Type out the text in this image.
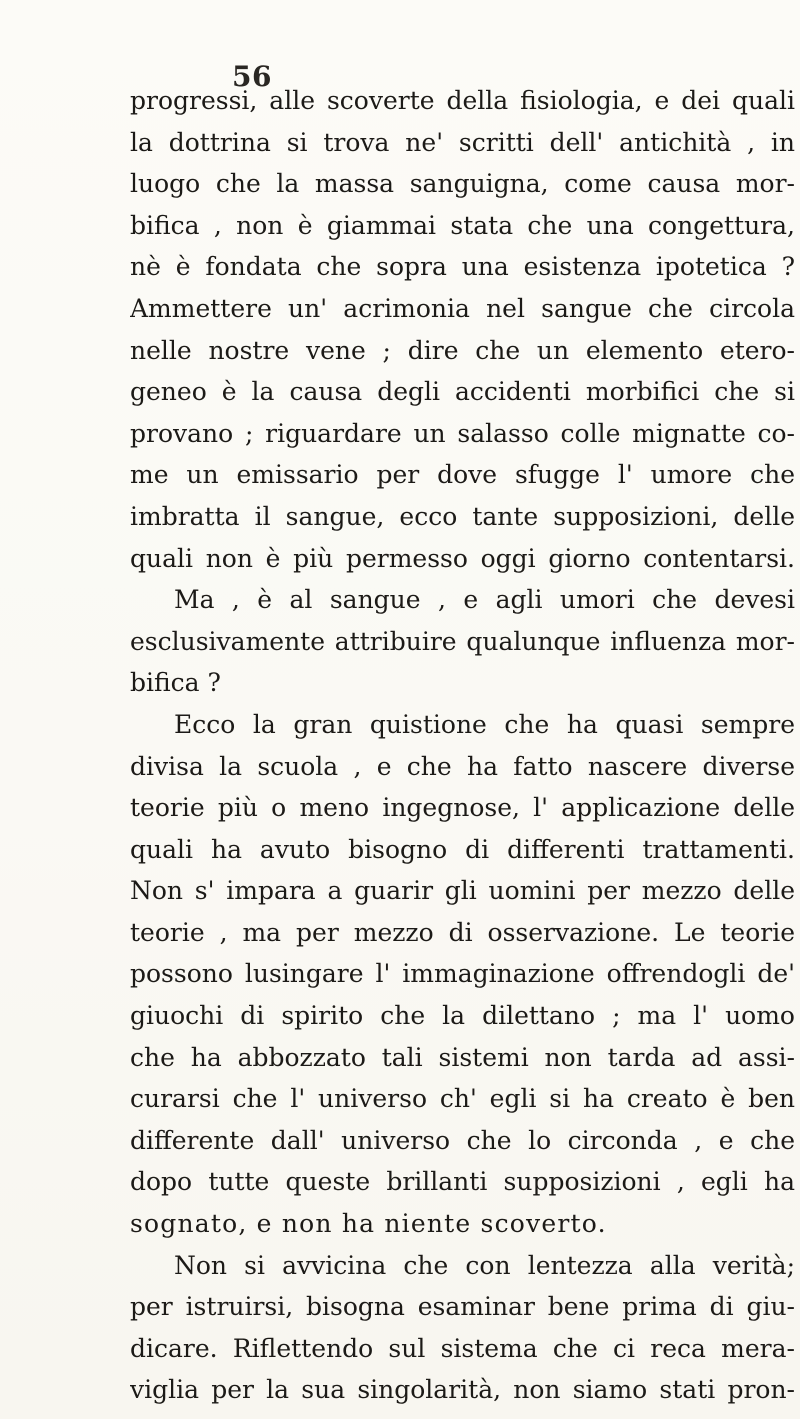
56
progressi, alle scoverte della fisiologia, e dei quali
la dottrina si trova ne' scritti dell' antichità , in
luogo che la massa sanguigna, come causa mor-
bifica , non è giammai stata che una congettura,
nè è fondata che sopra una esistenza ipotetica ?
Ammettere un' acrimonia nel sangue che circola
nelle nostre vene ; dire che un elemento etero-
geneo è la causa degli accidenti morbifici che si
provano ; riguardare un salasso colle mignatte co-
me un emissario per dove sfugge l' umore che
imbratta il sangue, ecco tante supposizioni, delle
quali non è più permesso oggi giorno contentarsi.
Ma , è al sangue , e agli umori che devesi
esclusivamente attribuire qualunque influenza mor-
bifica ?
Ecco la gran quistione che ha quasi sempre
divisa la scuola , e che ha fatto nascere diverse
teorie più o meno ingegnose, l' applicazione delle
quali ha avuto bisogno di differenti trattamenti.
Non s' impara a guarir gli uomini per mezzo delle
teorie , ma per mezzo di osservazione. Le teorie
possono lusingare l' immaginazione offrendogli de'
giuochi di spirito che la dilettano ; ma l' uomo
che ha abbozzato tali sistemi non tarda ad assi-
curarsi che l' universo ch' egli si ha creato è ben
differente dall' universo che lo circonda , e che
dopo tutte queste brillanti supposizioni , egli ha
sognato, e non ha niente scoverto.
Non si avvicina che con lentezza alla verità;
per istruirsi, bisogna esaminar bene prima di giu-
dicare. Riflettendo sul sistema che ci reca mera-
viglia per la sua singolarità, non siamo stati pron-
